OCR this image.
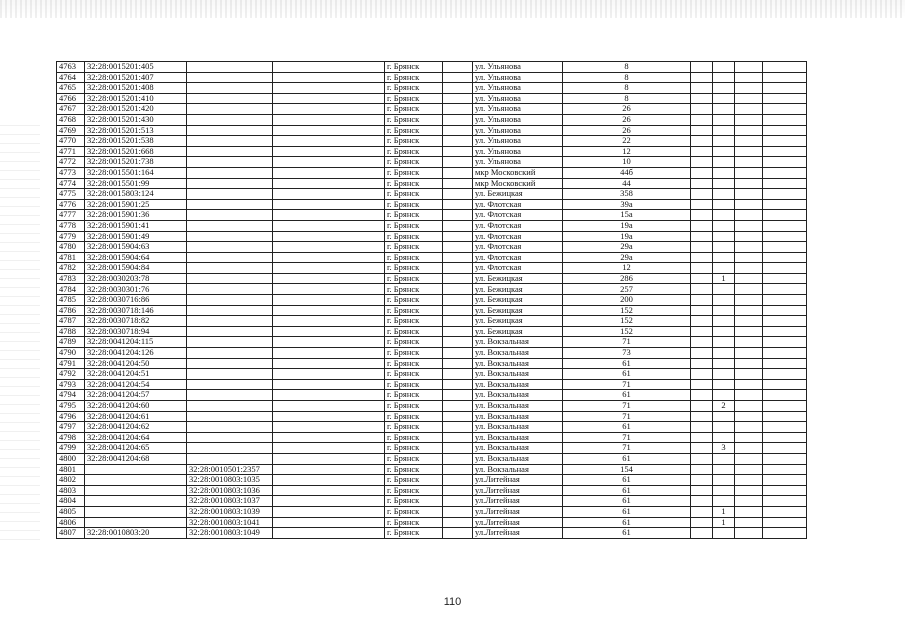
4763	32:28:0015201:405			г. Брянск		ул. Ульянова	8				
4764	32:28:0015201:407			г. Брянск		ул. Ульянова	8				
4765	32:28:0015201:408			г. Брянск		ул. Ульянова	8				
4766	32:28:0015201:410			г. Брянск		ул. Ульянова	8				
4767	32:28:0015201:420			г. Брянск		ул. Ульянова	26				
4768	32:28:0015201:430			г. Брянск		ул. Ульянова	26				
4769	32:28:0015201:513			г. Брянск		ул. Ульянова	26				
4770	32:28:0015201:538			г. Брянск		ул. Ульянова	22				
4771	32:28:0015201:668			г. Брянск		ул. Ульянова	12				
4772	32:28:0015201:738			г. Брянск		ул. Ульянова	10				
4773	32:28:0015501:164			г. Брянск		мкр Московский	44б				
4774	32:28:0015501:99			г. Брянск		мкр Московский	44				
4775	32:28:0015803:124			г. Брянск		ул. Бежицкая	358				
4776	32:28:0015901:25			г. Брянск		ул. Флотская	39а				
4777	32:28:0015901:36			г. Брянск		ул. Флотская	15а				
4778	32:28:0015901:41			г. Брянск		ул. Флотская	19а				
4779	32:28:0015901:49			г. Брянск		ул. Флотская	19а				
4780	32:28:0015904:63			г. Брянск		ул. Флотская	29а				
4781	32:28:0015904:64			г. Брянск		ул. Флотская	29а				
4782	32:28:0015904:84			г. Брянск		ул. Флотская	12				
4783	32:28:0030203:78			г. Брянск		ул. Бежицкая	286		1		
4784	32:28:0030301:76			г. Брянск		ул. Бежицкая	257				
4785	32:28:0030716:86			г. Брянск		ул. Бежицкая	200				
4786	32:28:0030718:146			г. Брянск		ул. Бежицкая	152				
4787	32:28:0030718:82			г. Брянск		ул. Бежицкая	152				
4788	32:28:0030718:94			г. Брянск		ул. Бежицкая	152				
4789	32:28:0041204:115			г. Брянск		ул. Вокзальная	71				
4790	32:28:0041204:126			г. Брянск		ул. Вокзальная	73				
4791	32:28:0041204:50			г. Брянск		ул. Вокзальная	61				
4792	32:28:0041204:51			г. Брянск		ул. Вокзальная	61				
4793	32:28:0041204:54			г. Брянск		ул. Вокзальная	71				
4794	32:28:0041204:57			г. Брянск		ул. Вокзальная	61				
4795	32:28:0041204:60			г. Брянск		ул. Вокзальная	71		2		
4796	32:28:0041204:61			г. Брянск		ул. Вокзальная	71				
4797	32:28:0041204:62			г. Брянск		ул. Вокзальная	61				
4798	32:28:0041204:64			г. Брянск		ул. Вокзальная	71				
4799	32:28:0041204:65			г. Брянск		ул. Вокзальная	71		3		
4800	32:28:0041204:68			г. Брянск		ул. Вокзальная	61				
4801		32:28:0010501:2357		г. Брянск		ул. Вокзальная	154				
4802		32:28:0010803:1035		г. Брянск		ул.Литейная	61				
4803		32:28:0010803:1036		г. Брянск		ул.Литейная	61				
4804		32:28:0010803:1037		г. Брянск		ул.Литейная	61				
4805		32:28:0010803:1039		г. Брянск		ул.Литейная	61		1		
4806		32:28:0010803:1041		г. Брянск		ул.Литейная	61		1		
4807	32:28:0010803:20	32:28:0010803:1049		г. Брянск		ул.Литейная	61				
110
